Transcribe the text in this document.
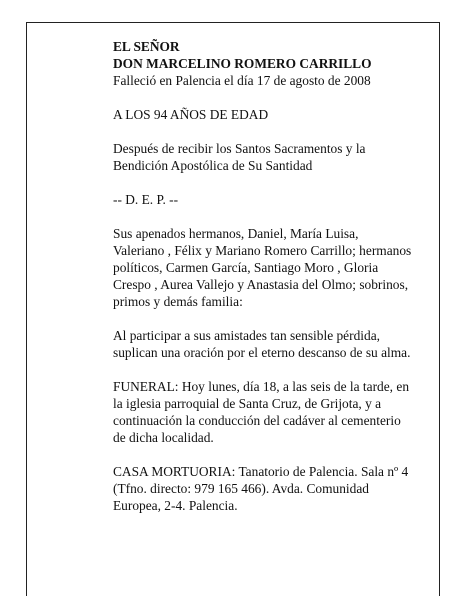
EL SEÑOR
DON MARCELINO ROMERO CARRILLO
Falleció en Palencia el día 17 de agosto de 2008

A LOS 94 AÑOS DE EDAD

Después de recibir los Santos Sacramentos y la
Bendición Apostólica de Su Santidad

-- D. E. P. --

Sus apenados hermanos, Daniel, María Luisa,
Valeriano , Félix y Mariano Romero Carrillo; hermanos
políticos, Carmen García, Santiago Moro , Gloria
Crespo , Aurea Vallejo y Anastasia del Olmo; sobrinos,
primos y demás familia:

Al participar a sus amistades tan sensible pérdida,
suplican una oración por el eterno descanso de su alma.

FUNERAL: Hoy lunes, día 18, a las seis de la tarde, en
la iglesia parroquial de Santa Cruz, de Grijota, y a
continuación la conducción del cadáver al cementerio
de dicha localidad.

CASA MORTUORIA: Tanatorio de Palencia. Sala nº 4
(Tfno. directo: 979 165 466). Avda. Comunidad
Europea, 2-4. Palencia.
